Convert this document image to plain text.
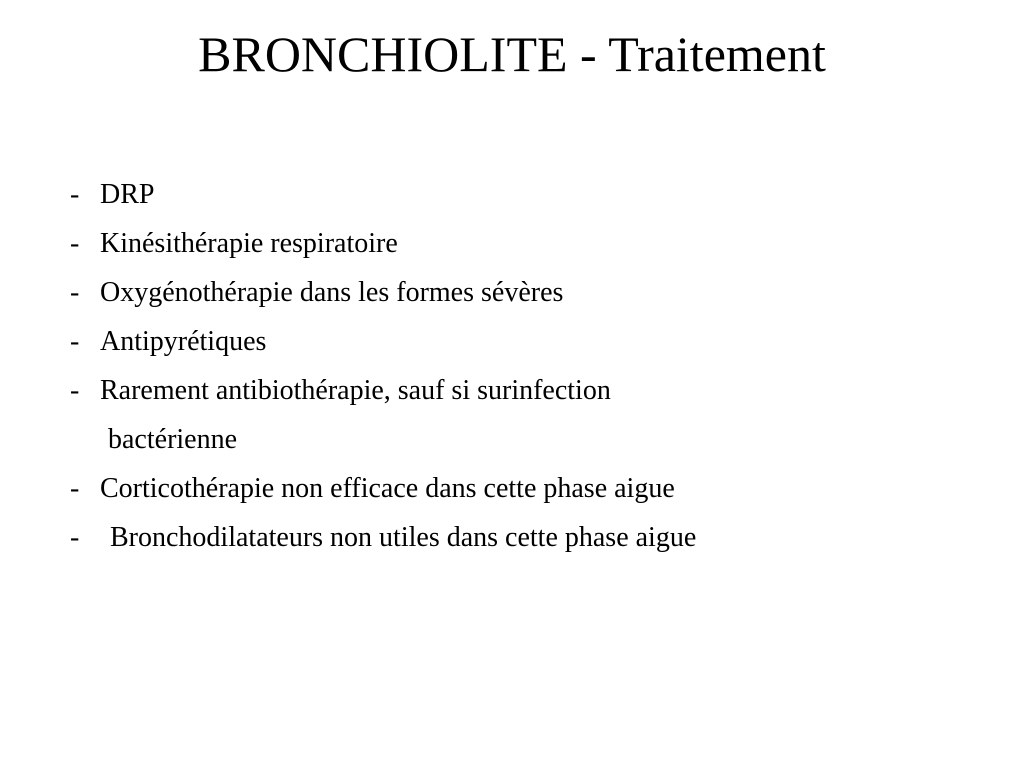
BRONCHIOLITE - Traitement
- DRP
- Kinésithérapie respiratoire
- Oxygénothérapie dans les formes sévères
- Antipyrétiques
- Rarement antibiothérapie, sauf si surinfection
bactérienne
- Corticothérapie non efficace dans cette phase aigue
-	Bronchodilatateurs non utiles dans cette phase aigue
